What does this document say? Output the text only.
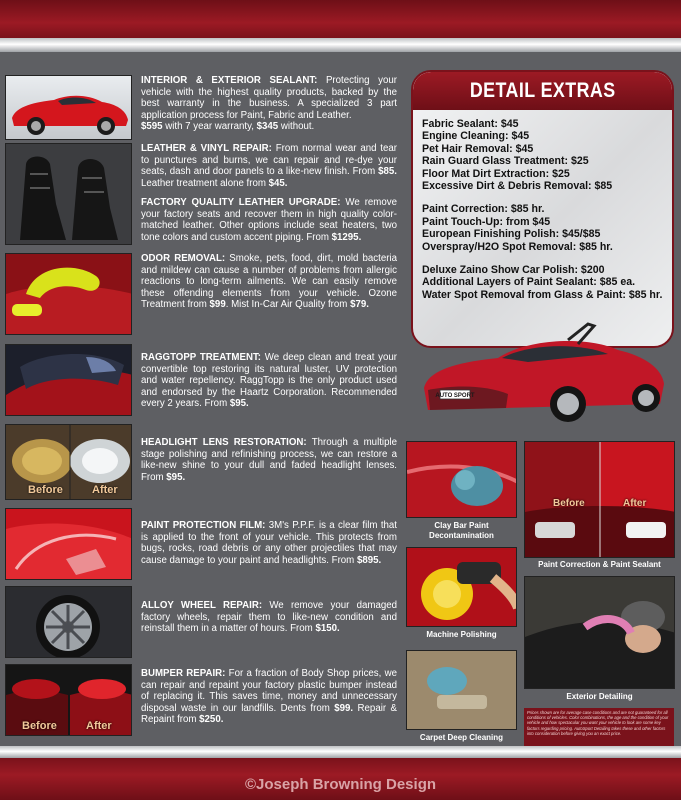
INTERIOR & EXTERIOR SEALANT: Protecting your vehicle with the highest quality products, backed by the best warranty in the business. A specialized 3 part application process for Paint, Fabric and Leather.
$595 with 7 year warranty, $345 without.
LEATHER & VINYL REPAIR: From normal wear and tear to punctures and burns, we can repair and re-dye your seats, dash and door panels to a like-new finish. From $85. Leather treatment alone from $45.
FACTORY QUALITY LEATHER UPGRADE: We remove your factory seats and recover them in high quality color-matched leather. Other options include seat heaters, two tone colors and custom accent piping. From $1295.
ODOR REMOVAL: Smoke, pets, food, dirt, mold bacteria and mildew can cause a number of problems from allergic reactions to long-term ailments. We can easily remove these offending elements from your vehicle. Ozone Treatment from $99. Mist In-Car Air Quality from $79.
RAGGTOPP TREATMENT: We deep clean and treat your convertible top restoring its natural luster, UV protection and water repellency. RaggTopp is the only product used and endorsed by the Haartz Corporation. Recommended every 2 years. From $95.
Before	After
HEADLIGHT LENS RESTORATION: Through a multiple stage polishing and refinishing process, we can restore a like-new shine to your dull and faded headlight lenses. From $95.
PAINT PROTECTION FILM: 3M's P.P.F. is a clear film that is applied to the front of your vehicle. This protects from bugs, rocks, road debris or any other projectiles that may cause damage to your paint and headlights. From $895.
ALLOY WHEEL REPAIR: We remove your damaged factory wheels, repair them to like-new condition and reinstall them in a matter of hours. From $150.
Before	After
BUMPER REPAIR: For a fraction of Body Shop prices, we can repair and repaint your factory plastic bumper instead of replacing it. This saves time, money and unnecessary disposal waste in our landfills. Dents from $99. Repair & Repaint from $250.
DETAIL EXTRAS
Fabric Sealant: $45
Engine Cleaning: $45
Pet Hair Removal: $45
Rain Guard Glass Treatment: $25
Floor Mat Dirt Extraction: $25
Excessive Dirt & Debris Removal: $85
Paint Correction: $85 hr.
Paint Touch-Up: from $45
European Finishing Polish: $45/$85
Overspray/H2O Spot Removal: $85 hr.
Deluxe Zaino Show Car Polish: $200
Additional Layers of Paint Sealant: $85 ea.
Water Spot Removal from Glass & Paint: $85 hr.
AUTO SPORT
Clay Bar Paint
Decontamination
Before	After
Paint Correction & Paint Sealant
Machine Polishing
Exterior Detailing
Carpet Deep Cleaning
Prices shown are for average case conditions and are not guaranteed for all conditions of vehicles. Color combinations, the age and the condition of your vehicle and how spectacular you want your vehicle to look are some key factors regarding pricing. AutoSport Detailing takes these and other factors into consideration before giving you an exact price.
©Joseph Browning Design
